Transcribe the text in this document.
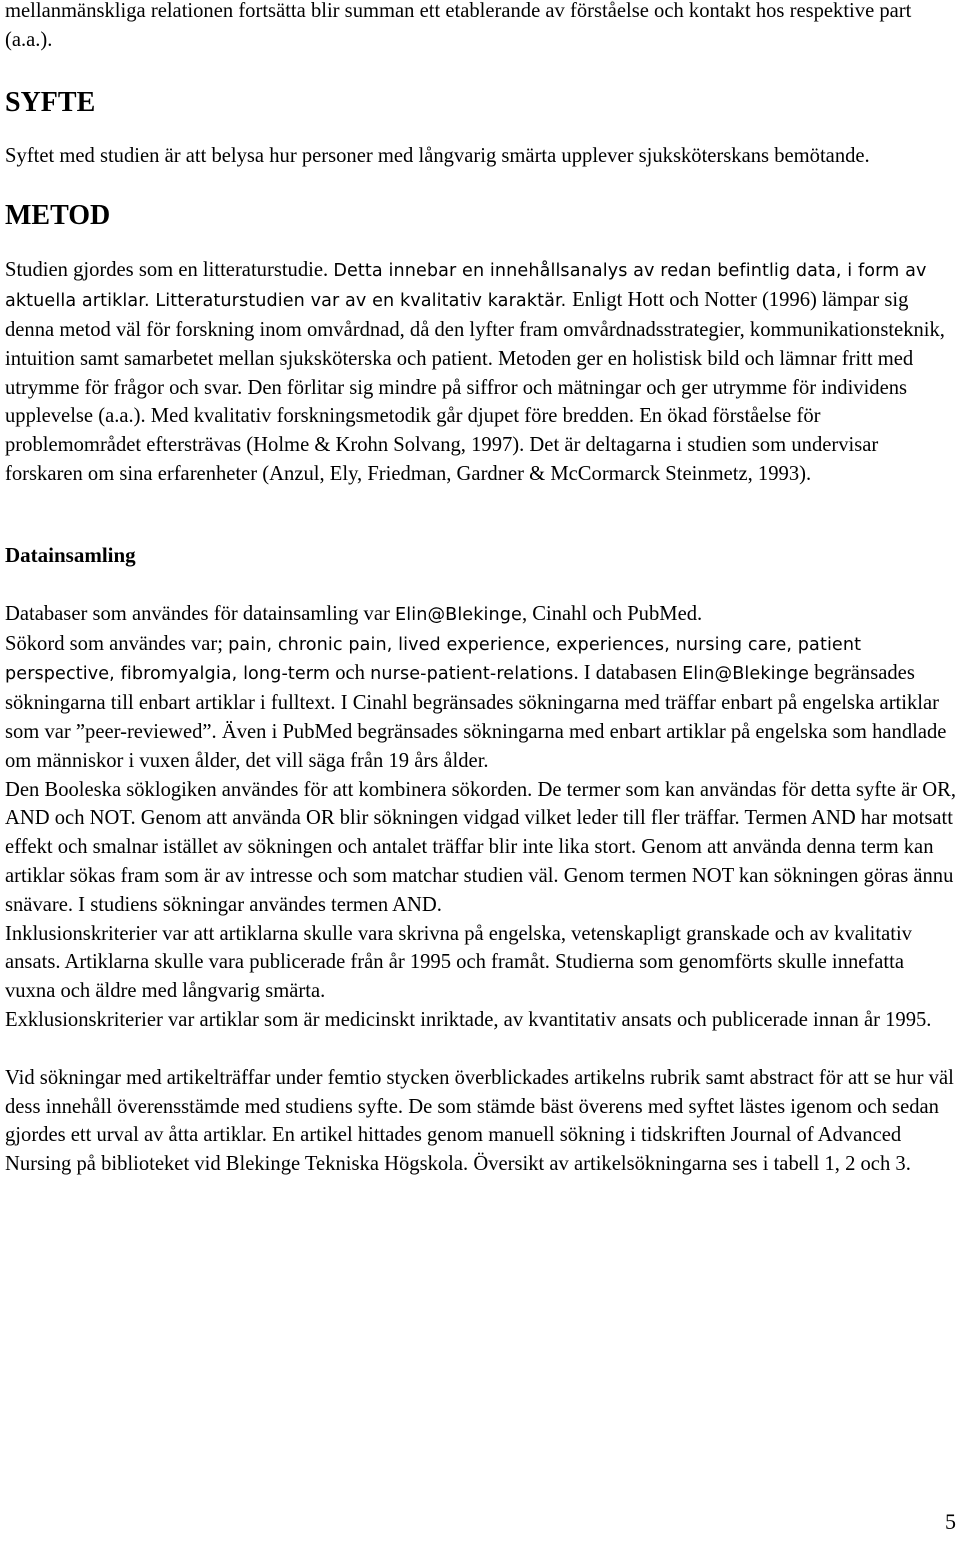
mellanmänskliga relationen fortsätta blir summan ett etablerande av förståelse och kontakt hos respektive part (a.a.).

SYFTE

Syftet med studien är att belysa hur personer med långvarig smärta upplever sjuksköterskans bemötande.

METOD

Studien gjordes som en litteraturstudie. Detta innebar en innehållsanalys av redan befintlig data, i form av aktuella artiklar. Litteraturstudien var av en kvalitativ karaktär. Enligt Hott och Notter (1996) lämpar sig denna metod väl för forskning inom omvårdnad, då den lyfter fram omvårdnadsstrategier, kommunikationsteknik, intuition samt samarbetet mellan sjuksköterska och patient. Metoden ger en holistisk bild och lämnar fritt med utrymme för frågor och svar. Den förlitar sig mindre på siffror och mätningar och ger utrymme för individens upplevelse (a.a.). Med kvalitativ forskningsmetodik går djupet före bredden. En ökad förståelse för problemområdet eftersträvas (Holme & Krohn Solvang, 1997). Det är deltagarna i studien som undervisar forskaren om sina erfarenheter (Anzul, Ely, Friedman, Gardner & McCormarck Steinmetz, 1993).

Datainsamling

Databaser som användes för datainsamling var Elin@Blekinge, Cinahl och PubMed.

Sökord som användes var; pain, chronic pain, lived experience, experiences, nursing care, patient perspective, fibromyalgia, long-term och nurse-patient-relations. I databasen Elin@Blekinge begränsades sökningarna till enbart artiklar i fulltext. I Cinahl begränsades sökningarna med träffar enbart på engelska artiklar som var ”peer-reviewed”. Även i PubMed begränsades sökningarna med enbart artiklar på engelska som handlade om människor i vuxen ålder, det vill säga från 19 års ålder.

Den Booleska söklogiken användes för att kombinera sökorden. De termer som kan användas för detta syfte är OR, AND och NOT. Genom att använda OR blir sökningen vidgad vilket leder till fler träffar. Termen AND har motsatt effekt och smalnar istället av sökningen och antalet träffar blir inte lika stort. Genom att använda denna term kan artiklar sökas fram som är av intresse och som matchar studien väl. Genom termen NOT kan sökningen göras ännu snävare. I studiens sökningar användes termen AND.

Inklusionskriterier var att artiklarna skulle vara skrivna på engelska, vetenskapligt granskade och av kvalitativ ansats. Artiklarna skulle vara publicerade från år 1995 och framåt. Studierna som genomförts skulle innefatta vuxna och äldre med långvarig smärta.

Exklusionskriterier var artiklar som är medicinskt inriktade, av kvantitativ ansats och publicerade innan år 1995.

Vid sökningar med artikelträffar under femtio stycken överblickades artikelns rubrik samt abstract för att se hur väl dess innehåll överensstämde med studiens syfte. De som stämde bäst överens med syftet lästes igenom och sedan gjordes ett urval av åtta artiklar. En artikel hittades genom manuell sökning i tidskriften Journal of Advanced Nursing på biblioteket vid Blekinge Tekniska Högskola. Översikt av artikelsökningarna ses i tabell 1, 2 och 3.

5
